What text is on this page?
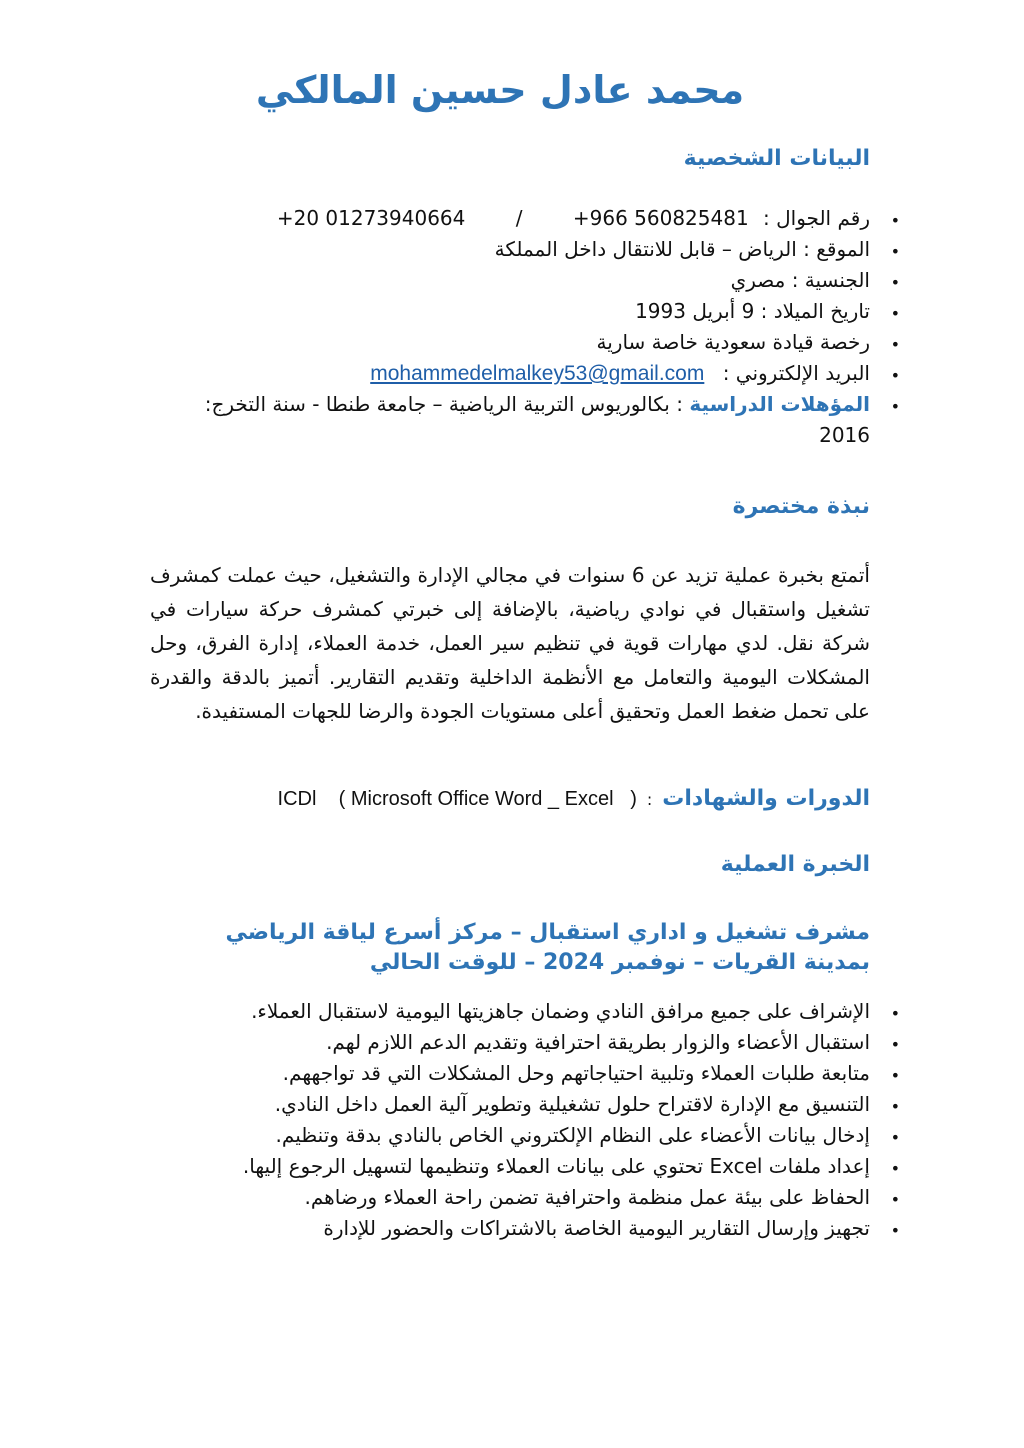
محمد عادل حسين المالكي
البيانات الشخصية
• رقم الجوال : +966 560825481 / +20 01273940664
• الموقع : الرياض – قابل للانتقال داخل المملكة
• الجنسية : مصري
• تاريخ الميلاد : 9 أبريل 1993
• رخصة قيادة سعودية خاصة سارية
• البريد الإلكتروني : mohammedelmalkey53@gmail.com
• المؤهلات الدراسية : بكالوريوس التربية الرياضية – جامعة طنطا - سنة التخرج: 2016
نبذة مختصرة

أتمتع بخبرة عملية تزيد عن 6 سنوات في مجالي الإدارة والتشغيل، حيث عملت كمشرف تشغيل واستقبال في نوادي رياضية، بالإضافة إلى خبرتي كمشرف حركة سيارات في شركة نقل. لدي مهارات قوية في تنظيم سير العمل، خدمة العملاء، إدارة الفرق، وحل المشكلات اليومية والتعامل مع الأنظمة الداخلية وتقديم التقارير. أتميز بالدقة والقدرة على تحمل ضغط العمل وتحقيق أعلى مستويات الجودة والرضا للجهات المستفيدة.

الدورات والشهادات
:
ICDl    ( Microsoft Office Word _ Excel   )
الخبرة العملية
مشرف تشغيل و اداري استقبال – مركز أسرع لياقة الرياضي
بمدينة القريات – نوفمبر 2024 – للوقت الحالي
• الإشراف على جميع مرافق النادي وضمان جاهزيتها اليومية لاستقبال العملاء.
• استقبال الأعضاء والزوار بطريقة احترافية وتقديم الدعم اللازم لهم.
• متابعة طلبات العملاء وتلبية احتياجاتهم وحل المشكلات التي قد تواجههم.
• التنسيق مع الإدارة لاقتراح حلول تشغيلية وتطوير آلية العمل داخل النادي.
• إدخال بيانات الأعضاء على النظام الإلكتروني الخاص بالنادي بدقة وتنظيم.
• إعداد ملفات Excel تحتوي على بيانات العملاء وتنظيمها لتسهيل الرجوع إليها.
• الحفاظ على بيئة عمل منظمة واحترافية تضمن راحة العملاء ورضاهم.
• تجهيز وإرسال التقارير اليومية الخاصة بالاشتراكات والحضور للإدارة
